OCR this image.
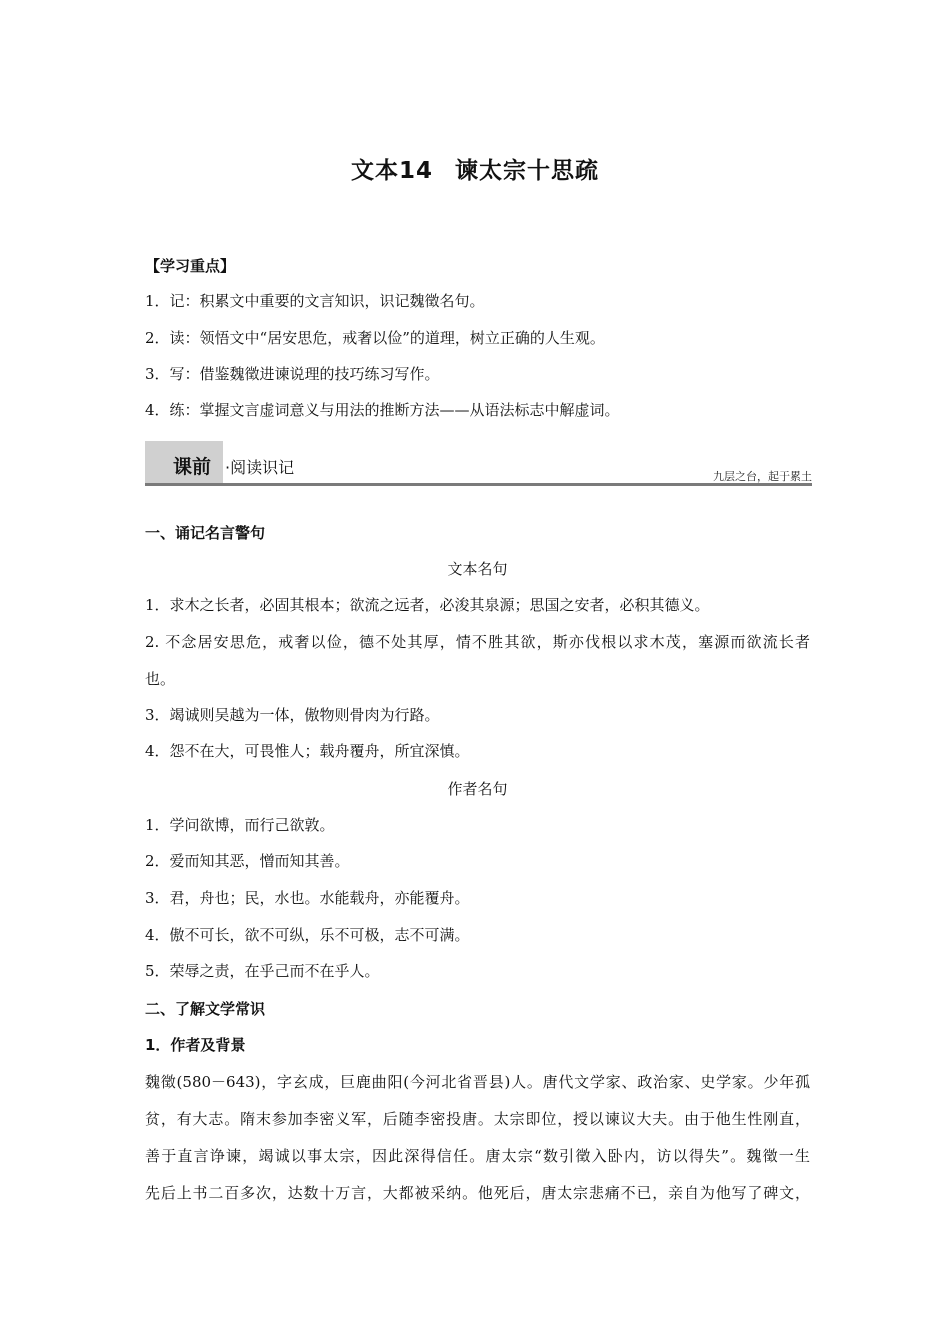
文本14 谏太宗十思疏
【学习重点】
1．记：积累文中重要的文言知识，识记魏徵名句。
2．读：领悟文中“居安思危，戒奢以俭”的道理，树立正确的人生观。
3．写：借鉴魏徵进谏说理的技巧练习写作。
4．练：掌握文言虚词意义与用法的推断方法——从语法标志中解虚词。
课前 ·阅读识记	九层之台，起于累土
一、诵记名言警句
文本名句
1．求木之长者，必固其根本；欲流之远者，必浚其泉源；思国之安者，必积其德义。
2. 不念居安思危，戒奢以俭，德不处其厚，情不胜其欲，斯亦伐根以求木茂，塞源而欲流长者
也。
3．竭诚则吴越为一体，傲物则骨肉为行路。
4．怨不在大，可畏惟人；载舟覆舟，所宜深慎。
作者名句
1．学问欲博，而行己欲敦。
2．爱而知其恶，憎而知其善。
3．君，舟也；民，水也。水能载舟，亦能覆舟。
4．傲不可长，欲不可纵，乐不可极，志不可满。
5．荣辱之责，在乎己而不在乎人。
二、了解文学常识
1．作者及背景
魏徵(580－643)，字玄成，巨鹿曲阳(今河北省晋县)人。唐代文学家、政治家、史学家。少年孤
贫，有大志。隋末参加李密义军，后随李密投唐。太宗即位，授以谏议大夫。由于他生性刚直，
善于直言诤谏，竭诚以事太宗，因此深得信任。唐太宗“数引徵入卧内，访以得失”。魏徵一生
先后上书二百多次，达数十万言，大都被采纳。他死后，唐太宗悲痛不已，亲自为他写了碑文，
